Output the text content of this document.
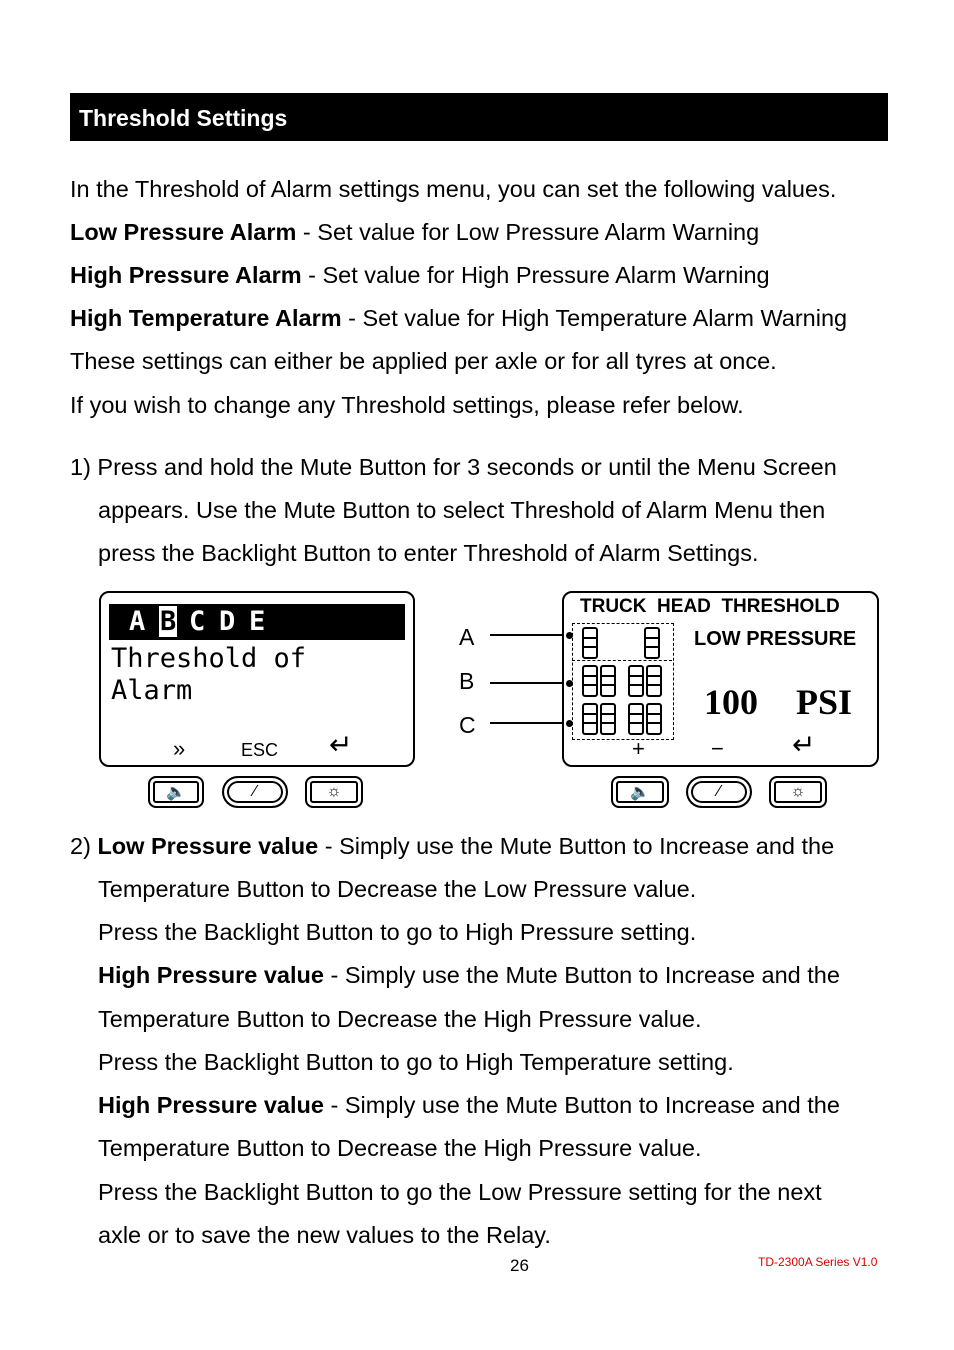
Threshold Settings
In the Threshold of Alarm settings menu, you can set the following values.
Low Pressure Alarm - Set value for Low Pressure Alarm Warning
High Pressure Alarm - Set value for High Pressure Alarm Warning
High Temperature Alarm - Set value for High Temperature Alarm Warning
These settings can either be applied per axle or for all tyres at once.
If you wish to change any Threshold settings, please refer below.
1) Press and hold the Mute Button for 3 seconds or until the Menu Screen
appears. Use the Mute Button to select Threshold of Alarm Menu then
press the Backlight Button to enter Threshold of Alarm Settings.
A B C D E
Threshold of
Alarm
»	ESC ↵
🔈	⁄	☼
A
B
C
TRUCK  HEAD  THRESHOLD
LOW PRESSURE
100 PSI
+	− ↵
🔈	⁄	☼
2) Low Pressure value - Simply use the Mute Button to Increase and the
Temperature Button to Decrease the Low Pressure value.
Press the Backlight Button to go to High Pressure setting.
High Pressure value - Simply use the Mute Button to Increase and the
Temperature Button to Decrease the High Pressure value.
Press the Backlight Button to go to High Temperature setting.
High Pressure value - Simply use the Mute Button to Increase and the
Temperature Button to Decrease the High Pressure value.
Press the Backlight Button to go the Low Pressure setting for the next
axle or to save the new values to the Relay.
26	TD-2300A Series V1.0
